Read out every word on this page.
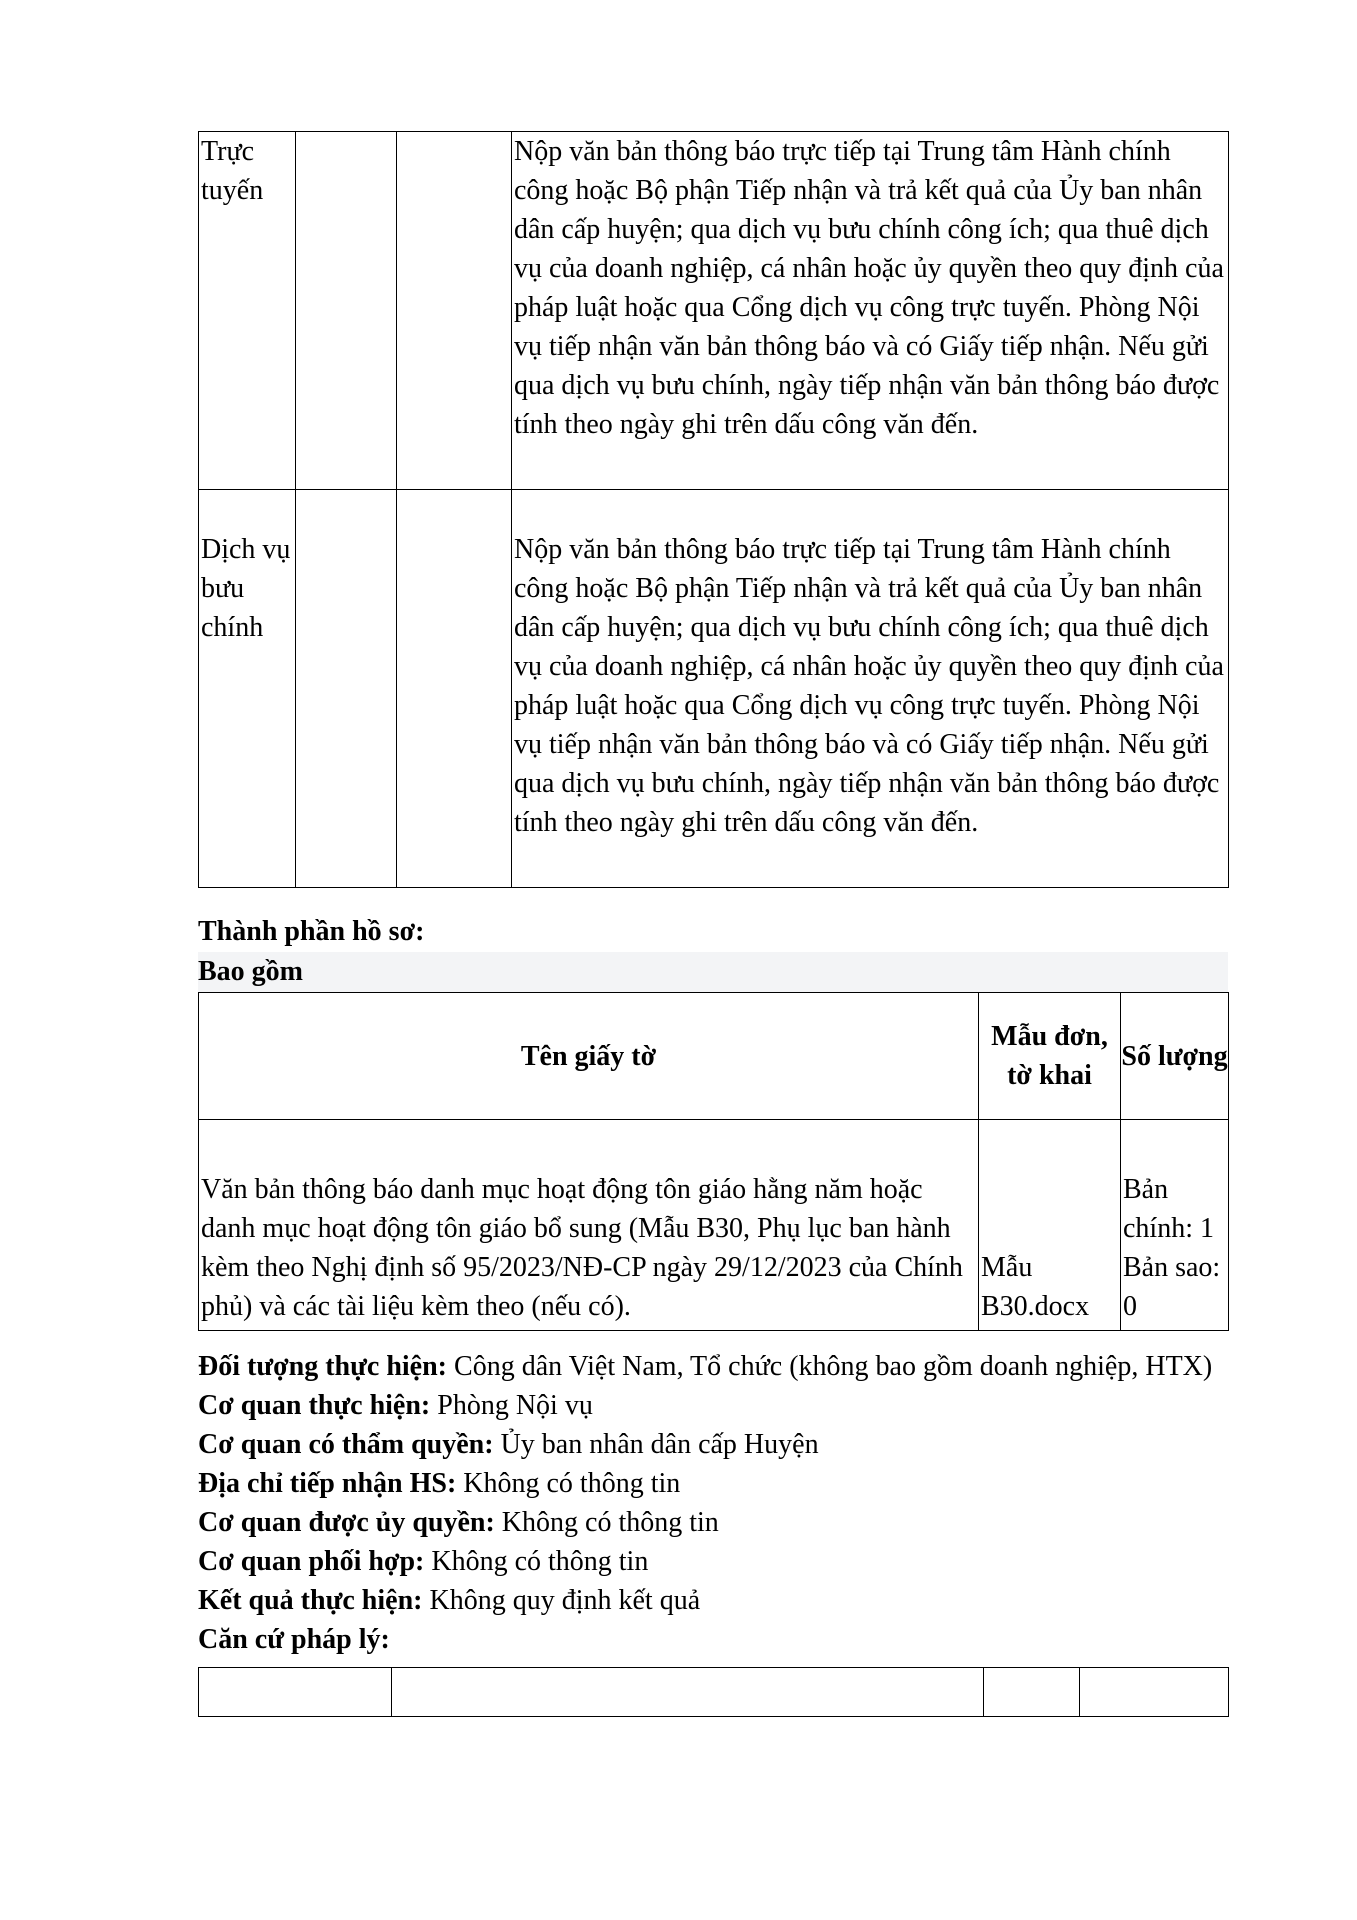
Trực tuyến			Nộp văn bản thông báo trực tiếp tại Trung tâm Hành chính công hoặc Bộ phận Tiếp nhận và trả kết quả của Ủy ban nhân dân cấp huyện; qua dịch vụ bưu chính công ích; qua thuê dịch vụ của doanh nghiệp, cá nhân hoặc ủy quyền theo quy định của pháp luật hoặc qua Cổng dịch vụ công trực tuyến. Phòng Nội vụ tiếp nhận văn bản thông báo và có Giấy tiếp nhận. Nếu gửi qua dịch vụ bưu chính, ngày tiếp nhận văn bản thông báo được tính theo ngày ghi trên dấu công văn đến.
Dịch vụ bưu chính			Nộp văn bản thông báo trực tiếp tại Trung tâm Hành chính công hoặc Bộ phận Tiếp nhận và trả kết quả của Ủy ban nhân dân cấp huyện; qua dịch vụ bưu chính công ích; qua thuê dịch vụ của doanh nghiệp, cá nhân hoặc ủy quyền theo quy định của pháp luật hoặc qua Cổng dịch vụ công trực tuyến. Phòng Nội vụ tiếp nhận văn bản thông báo và có Giấy tiếp nhận. Nếu gửi qua dịch vụ bưu chính, ngày tiếp nhận văn bản thông báo được tính theo ngày ghi trên dấu công văn đến.
Thành phần hồ sơ:
Bao gồm
Tên giấy tờ	Mẫu đơn, tờ khai	Số lượng
Văn bản thông báo danh mục hoạt động tôn giáo hằng năm hoặc danh mục hoạt động tôn giáo bổ sung (Mẫu B30, Phụ lục ban hành kèm theo Nghị định số 95/2023/NĐ-CP ngày 29/12/2023 của Chính phủ) và các tài liệu kèm theo (nếu có).	Mẫu B30.docx	Bản chính: 1 Bản sao: 0

Đối tượng thực hiện: Công dân Việt Nam, Tổ chức (không bao gồm doanh nghiệp, HTX)

Cơ quan thực hiện: Phòng Nội vụ

Cơ quan có thẩm quyền: Ủy ban nhân dân cấp Huyện

Địa chỉ tiếp nhận HS: Không có thông tin

Cơ quan được ủy quyền: Không có thông tin

Cơ quan phối hợp: Không có thông tin

Kết quả thực hiện: Không quy định kết quả

Căn cứ pháp lý:
